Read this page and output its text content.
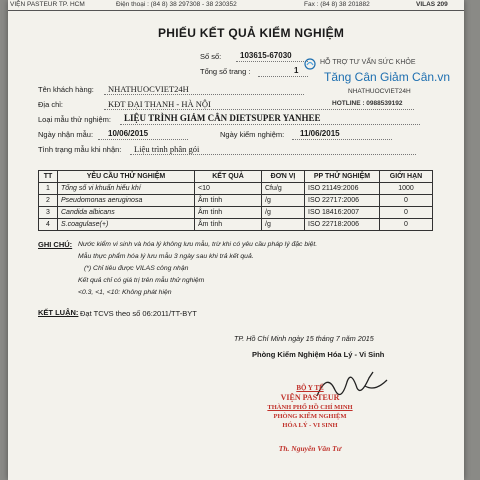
VIỆN PASTEUR TP. HCM	Điện thoại : (84 8) 38 297308 - 38 230352	Fax : (84 8) 38 201882	VILAS 209
PHIẾU KẾT QUẢ KIỂM NGHIỆM
Số số: 103615-67030
Tổng số trang :	1
HỖ TRỢ TƯ VẤN SỨC KHỎE
Tăng Cân Giảm Cân.vn
NHATHUOCVIET24H
HOTLINE : 0988539192
Tên khách hàng: NHATHUOCVIET24H
Địa chỉ:	KĐT ĐẠI THANH - HÀ NỘI
Loại mẫu thử nghiệm: LIỆU TRÌNH GIẢM CÂN DIETSUPER YANHEE
Ngày nhận mẫu: 10/06/2015	Ngày kiểm nghiệm: 11/06/2015
Tình trạng mẫu khi nhận: Liệu trình phân gói
TT	YÊU CẦU THỬ NGHIỆM	KẾT QUẢ	ĐƠN VỊ	PP THỬ NGHIỆM	GIỚI HẠN
1	Tổng số vi khuẩn hiếu khí	<10	Cfu/g	ISO 21149:2006	1000
2	Pseudomonas aeruginosa	Âm tính	/g	ISO 22717:2006	0
3	Candida albicans	Âm tính	/g	ISO 18416:2007	0
4	S.coagulase(+)	Âm tính	/g	ISO 22718:2006	0
GHI CHÚ: Nước kiểm vi sinh và hóa lý không lưu mẫu, trừ khi có yêu cầu pháp lý đặc biệt.
Mẫu thực phẩm hóa lý lưu mẫu 3 ngày sau khi trả kết quả.
(*) Chỉ tiêu được VILAS công nhận
Kết quả chỉ có giá trị trên mẫu thử nghiệm
<0.3, <1, <10: Không phát hiện
KẾT LUẬN: Đạt TCVS theo số 06:2011/TT-BYT
TP. Hồ Chí Minh ngày 15 tháng 7 năm 2015
Phòng Kiểm Nghiệm Hóa Lý - Vi Sinh
BỘ Y TẾ
VIỆN PASTEUR
THÀNH PHỐ HỒ CHÍ MINH
PHÒNG KIỂM NGHIỆM
HÓA LÝ - VI SINH
Th. Nguyễn Văn Tư
